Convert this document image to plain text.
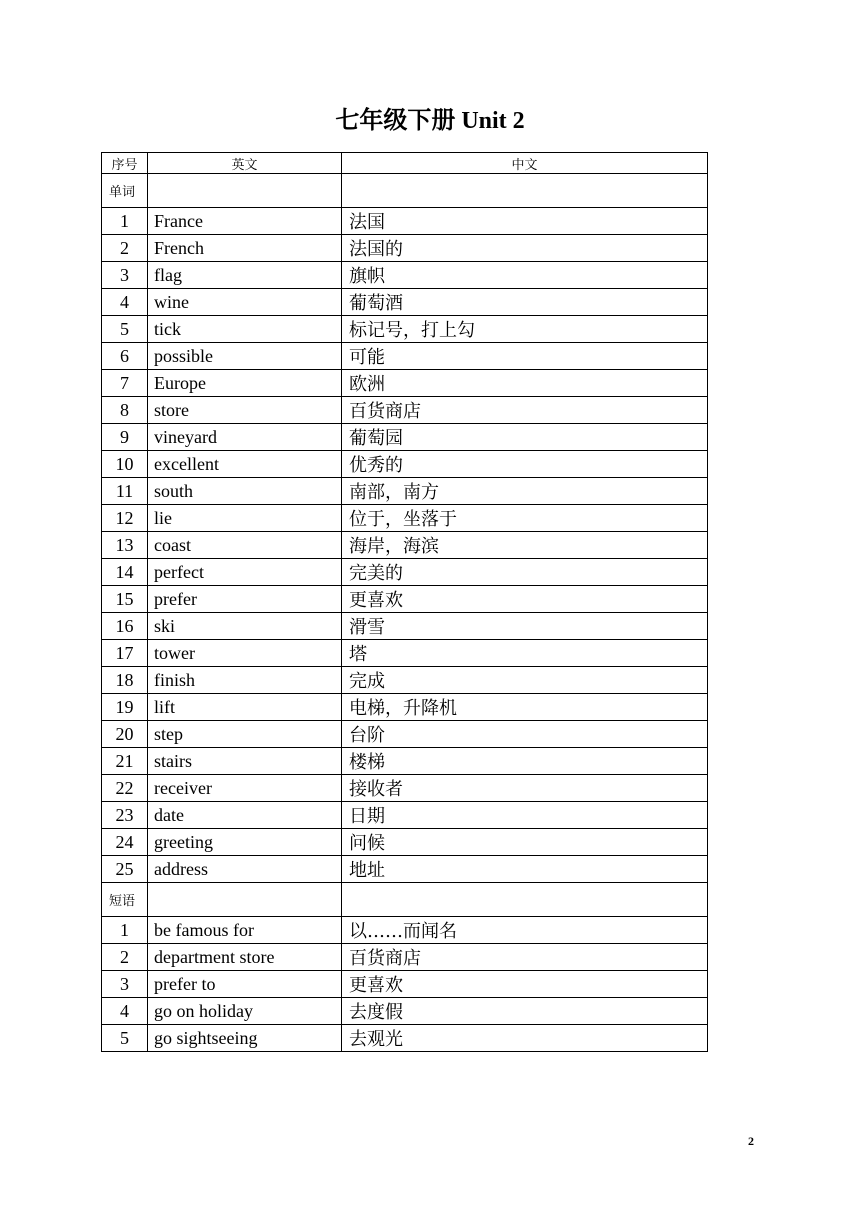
七年级下册 Unit 2
序号	英文	中文
单词		
1	France	法国
2	French	法国的
3	flag	旗帜
4	wine	葡萄酒
5	tick	标记号，打上勾
6	possible	可能
7	Europe	欧洲
8	store	百货商店
9	vineyard	葡萄园
10	excellent	优秀的
11	south	南部，南方
12	lie	位于，坐落于
13	coast	海岸，海滨
14	perfect	完美的
15	prefer	更喜欢
16	ski	滑雪
17	tower	塔
18	finish	完成
19	lift	电梯，升降机
20	step	台阶
21	stairs	楼梯
22	receiver	接收者
23	date	日期
24	greeting	问候
25	address	地址
短语		
1	be famous for	以……而闻名
2	department store	百货商店
3	prefer to	更喜欢
4	go on holiday	去度假
5	go sightseeing	去观光
2
